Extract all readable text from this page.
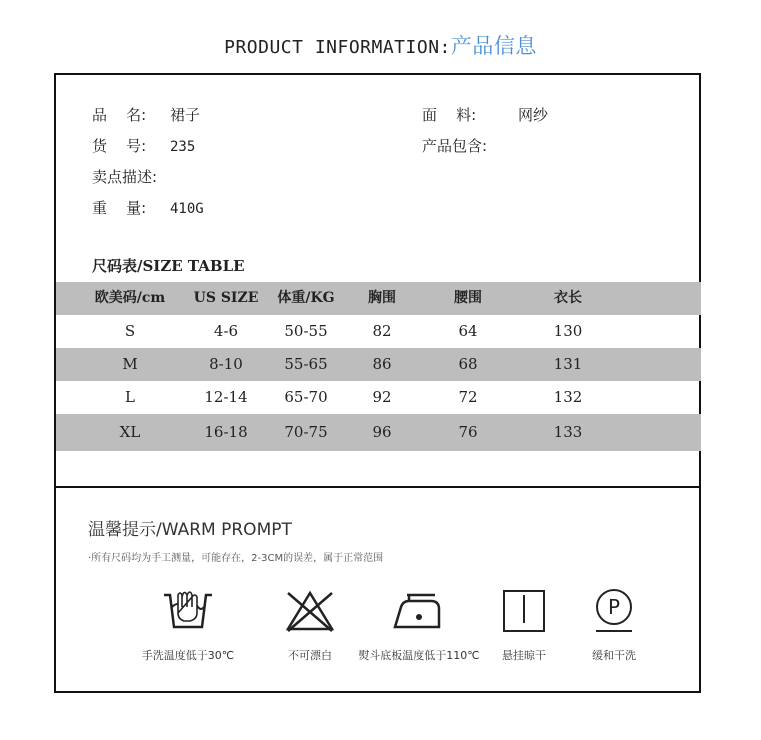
PRODUCT INFORMATION:产品信息
品    名: 裙子	面    料:	网纱
货    号: 235	产品包含:
卖点描述:
重    量: 410G
尺码表/SIZE TABLE
欧美码/cm	US SIZE	体重/KG	胸围	腰围	衣长
S	4-6	50-55	82	64	130
M	8-10	55-65	86	68	131
L	12-14	65-70	92	72	132
XL	16-18	70-75	96	76	133
温馨提示/WARM PROMPT
·所有尺码均为手工测量，可能存在，2-3CM的误差，属于正常范围
P
手洗温度低于30℃	不可漂白	熨斗底板温度低于110℃	悬挂晾干	缓和干洗
